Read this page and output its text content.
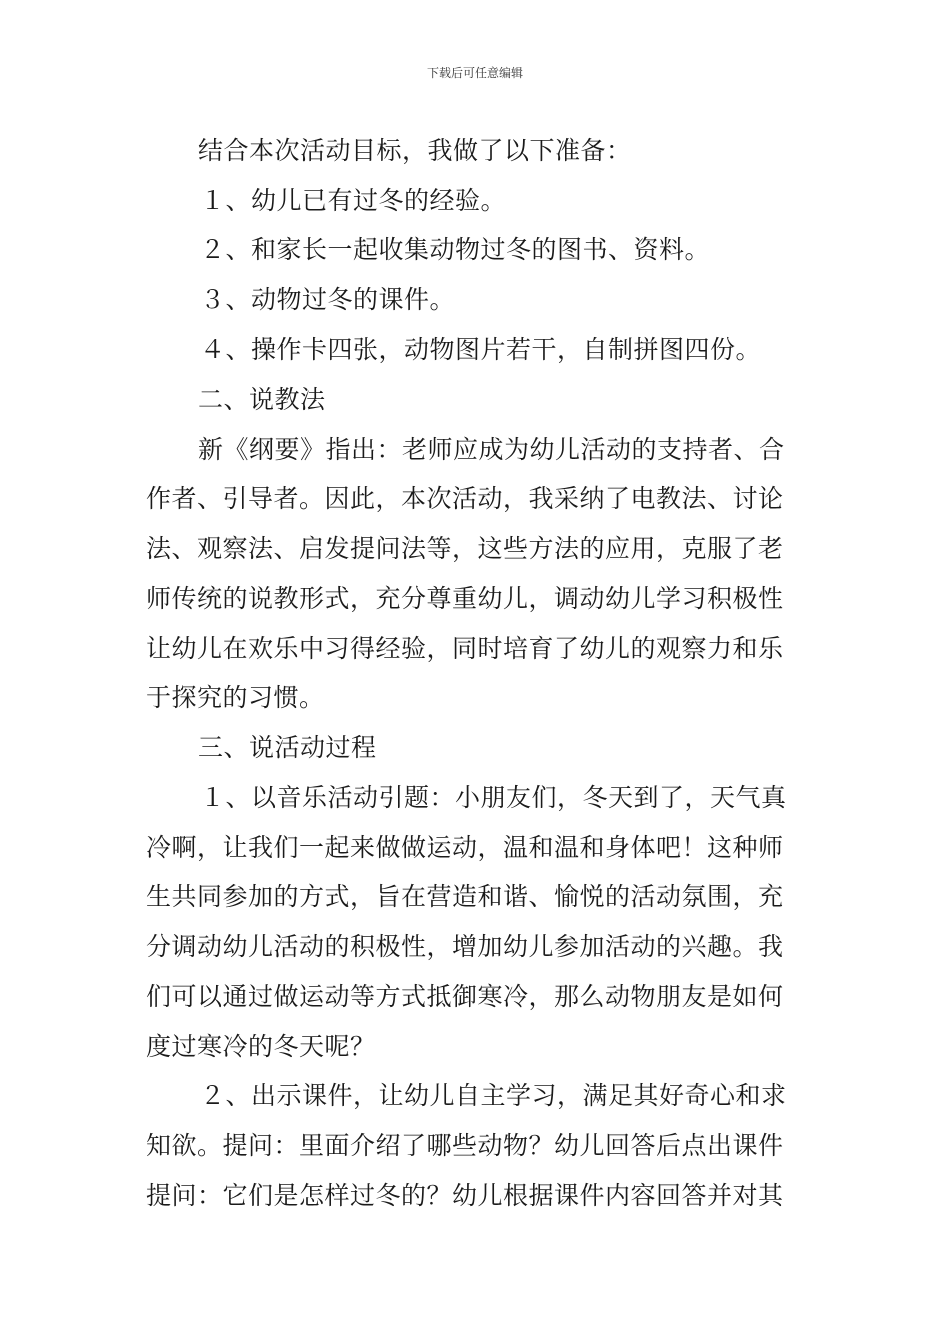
下载后可任意编辑
结合本次活动目标，我做了以下准备：
１、幼儿已有过冬的经验。
２、和家长一起收集动物过冬的图书、资料。
３、动物过冬的课件。
４、操作卡四张，动物图片若干，自制拼图四份。
二、说教法
新《纲要》指出：老师应成为幼儿活动的支持者、合
作者、引导者。因此，本次活动，我采纳了电教法、讨论
法、观察法、启发提问法等，这些方法的应用，克服了老
师传统的说教形式，充分尊重幼儿，调动幼儿学习积极性
让幼儿在欢乐中习得经验，同时培育了幼儿的观察力和乐
于探究的习惯。
三、说活动过程
１、以音乐活动引题：小朋友们，冬天到了，天气真
冷啊，让我们一起来做做运动，温和温和身体吧！这种师
生共同参加的方式，旨在营造和谐、愉悦的活动氛围，充
分调动幼儿活动的积极性，增加幼儿参加活动的兴趣。我
们可以通过做运动等方式抵御寒冷，那么动物朋友是如何
度过寒冷的冬天呢？
２、出示课件，让幼儿自主学习，满足其好奇心和求
知欲。提问：里面介绍了哪些动物？幼儿回答后点出课件
提问：它们是怎样过冬的？幼儿根据课件内容回答并对其
